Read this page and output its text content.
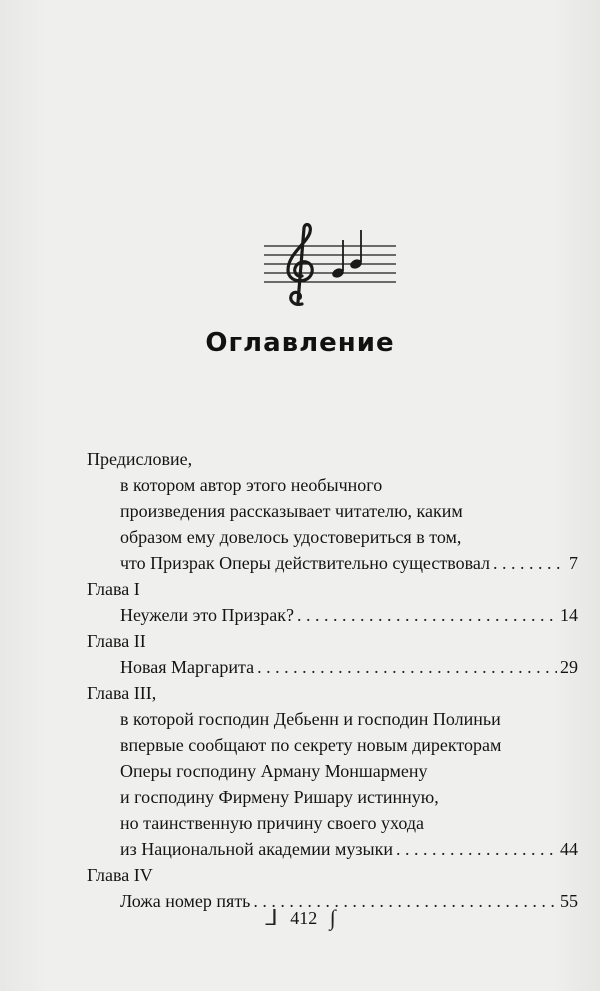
Оглавление
Предисловие,
в котором автор этого необычного
произведения рассказывает читателю, каким
образом ему довелось удостовериться в том,
что Призрак Оперы действительно существовал . . .	7
Глава I
Неужели это Призрак? . . .	14
Глава II
Новая Маргарита . . .	29
Глава III,
в которой господин Дебьенн и господин Полиньи
впервые сообщают по секрету новым директорам
Оперы господину Арману Моншармену
и господину Фирмену Ришару истинную,
но таинственную причину своего ухода
из Национальной академии музыки . . .	44
Глава IV
Ложа номер пять . . .	55
ᒧ 412 ∫
